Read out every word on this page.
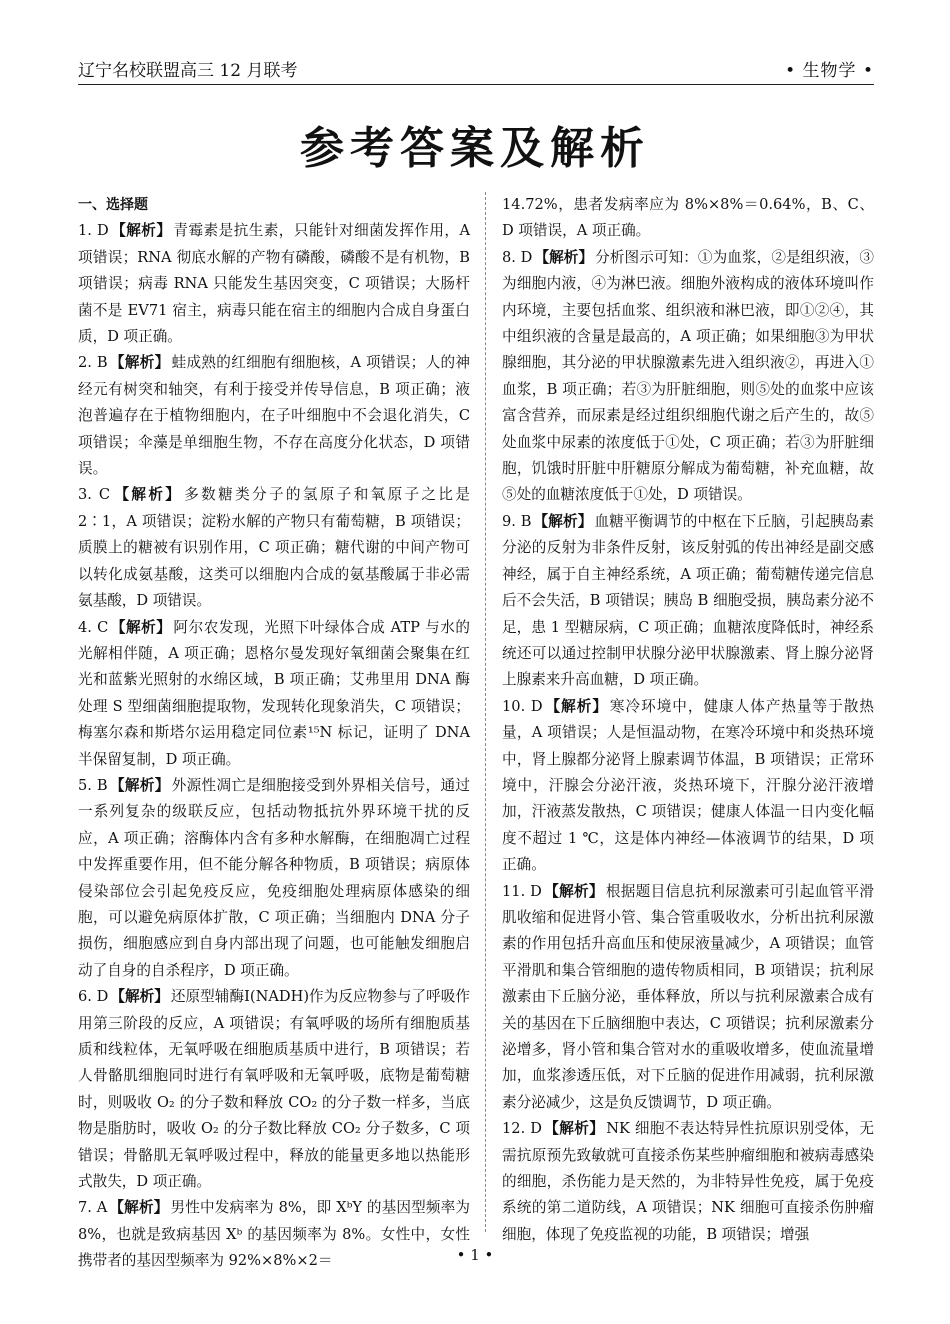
辽宁名校联盟高三 12 月联考	• 生物学 •
参考答案及解析
一、选择题

1. D 【解析】 青霉素是抗生素，只能针对细菌发挥作用，A 项错误；RNA 彻底水解的产物有磷酸，磷酸不是有机物，B 项错误；病毒 RNA 只能发生基因突变，C 项错误；大肠杆菌不是 EV71 宿主，病毒只能在宿主的细胞内合成自身蛋白质，D 项正确。

2. B 【解析】 蛙成熟的红细胞有细胞核，A 项错误；人的神经元有树突和轴突，有利于接受并传导信息，B 项正确；液泡普遍存在于植物细胞内，在子叶细胞中不会退化消失，C 项错误；伞藻是单细胞生物，不存在高度分化状态，D 项错误。

3. C 【解析】 多数糖类分子的氢原子和氧原子之比是 2∶1，A 项错误；淀粉水解的产物只有葡萄糖，B 项错误；质膜上的糖被有识别作用，C 项正确；糖代谢的中间产物可以转化成氨基酸，这类可以细胞内合成的氨基酸属于非必需氨基酸，D 项错误。

4. C 【解析】 阿尔农发现，光照下叶绿体合成 ATP 与水的光解相伴随，A 项正确；恩格尔曼发现好氧细菌会聚集在红光和蓝紫光照射的水绵区域，B 项正确；艾弗里用 DNA 酶处理 S 型细菌细胞提取物，发现转化现象消失，C 项错误；梅塞尔森和斯塔尔运用稳定同位素¹⁵N 标记，证明了 DNA 半保留复制，D 项正确。

5. B 【解析】 外源性凋亡是细胞接受到外界相关信号，通过一系列复杂的级联反应，包括动物抵抗外界环境干扰的反应，A 项正确；溶酶体内含有多种水解酶，在细胞凋亡过程中发挥重要作用，但不能分解各种物质，B 项错误；病原体侵染部位会引起免疫反应，免疫细胞处理病原体感染的细胞，可以避免病原体扩散，C 项正确；当细胞内 DNA 分子损伤，细胞感应到自身内部出现了问题，也可能触发细胞启动了自身的自杀程序，D 项正确。

6. D 【解析】 还原型辅酶Ⅰ(NADH)作为反应物参与了呼吸作用第三阶段的反应，A 项错误；有氧呼吸的场所有细胞质基质和线粒体，无氧呼吸在细胞质基质中进行，B 项错误；若人骨骼肌细胞同时进行有氧呼吸和无氧呼吸，底物是葡萄糖时，则吸收 O₂ 的分子数和释放 CO₂ 的分子数一样多，当底物是脂肪时，吸收 O₂ 的分子数比释放 CO₂ 分子数多，C 项错误；骨骼肌无氧呼吸过程中，释放的能量更多地以热能形式散失，D 项正确。

7. A 【解析】 男性中发病率为 8%，即 XᵇY 的基因型频率为 8%，也就是致病基因 Xᵇ 的基因频率为 8%。女性中，女性携带者的基因型频率为 92%×8%×2＝

14.72%，患者发病率应为 8%×8%＝0.64%，B、C、D 项错误，A 项正确。

8. D 【解析】 分析图示可知：①为血浆，②是组织液，③为细胞内液，④为淋巴液。细胞外液构成的液体环境叫作内环境，主要包括血浆、组织液和淋巴液，即①②④，其中组织液的含量是最高的，A 项正确；如果细胞③为甲状腺细胞，其分泌的甲状腺激素先进入组织液②，再进入①血浆，B 项正确；若③为肝脏细胞，则⑤处的血浆中应该富含营养，而尿素是经过组织细胞代谢之后产生的，故⑤处血浆中尿素的浓度低于①处，C 项正确；若③为肝脏细胞，饥饿时肝脏中肝糖原分解成为葡萄糖，补充血糖，故⑤处的血糖浓度低于①处，D 项错误。

9. B 【解析】 血糖平衡调节的中枢在下丘脑，引起胰岛素分泌的反射为非条件反射，该反射弧的传出神经是副交感神经，属于自主神经系统，A 项正确；葡萄糖传递完信息后不会失活，B 项错误；胰岛 B 细胞受损，胰岛素分泌不足，患 1 型糖尿病，C 项正确；血糖浓度降低时，神经系统还可以通过控制甲状腺分泌甲状腺激素、肾上腺分泌肾上腺素来升高血糖，D 项正确。

10. D 【解析】 寒冷环境中，健康人体产热量等于散热量，A 项错误；人是恒温动物，在寒冷环境中和炎热环境中，肾上腺都分泌肾上腺素调节体温，B 项错误；正常环境中，汗腺会分泌汗液，炎热环境下，汗腺分泌汗液增加，汗液蒸发散热，C 项错误；健康人体温一日内变化幅度不超过 1 ℃，这是体内神经—体液调节的结果，D 项正确。

11. D 【解析】 根据题目信息抗利尿激素可引起血管平滑肌收缩和促进肾小管、集合管重吸收水，分析出抗利尿激素的作用包括升高血压和使尿液量减少，A 项错误；血管平滑肌和集合管细胞的遗传物质相同，B 项错误；抗利尿激素由下丘脑分泌，垂体释放，所以与抗利尿激素合成有关的基因在下丘脑细胞中表达，C 项错误；抗利尿激素分泌增多，肾小管和集合管对水的重吸收增多，使血流量增加，血浆渗透压低，对下丘脑的促进作用减弱，抗利尿激素分泌减少，这是负反馈调节，D 项正确。

12. D 【解析】 NK 细胞不表达特异性抗原识别受体，无需抗原预先致敏就可直接杀伤某些肿瘤细胞和被病毒感染的细胞，杀伤能力是天然的，为非特异性免疫，属于免疫系统的第二道防线，A 项错误；NK 细胞可直接杀伤肿瘤细胞，体现了免疫监视的功能，B 项错误；增强

• 1 •
